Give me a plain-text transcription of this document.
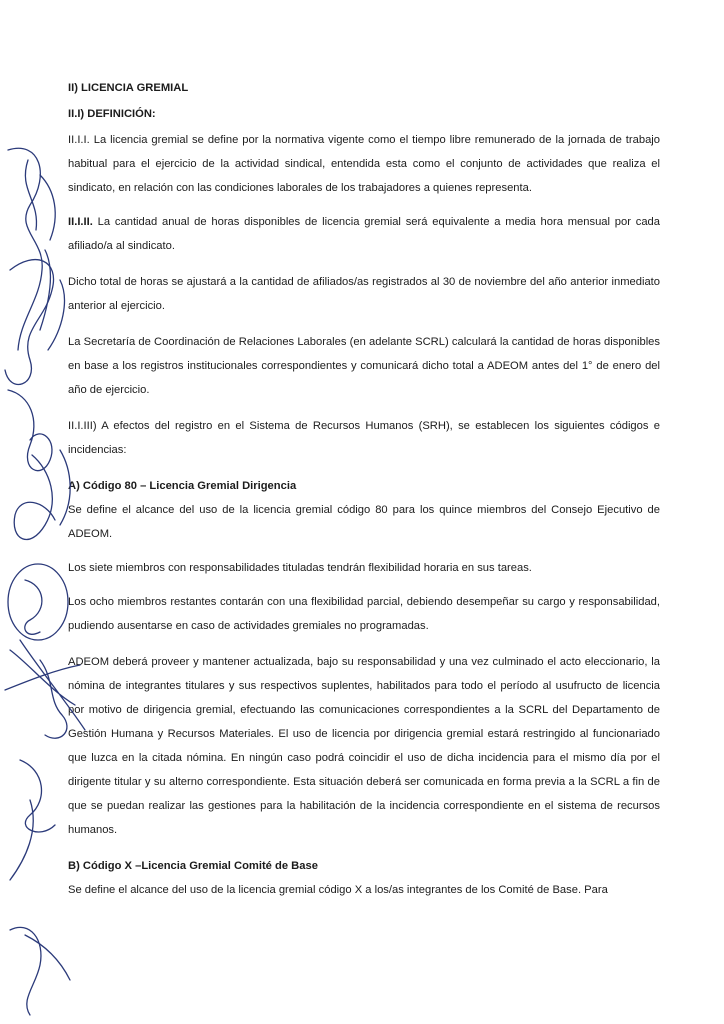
II) LICENCIA GREMIAL

II.I) DEFINICIÓN:

II.I.I. La licencia gremial se define por la normativa vigente como el tiempo libre remunerado de la jornada de trabajo habitual para el ejercicio de la actividad sindical, entendida esta como el conjunto de actividades que realiza el sindicato, en relación con las condiciones laborales de los trabajadores a quienes representa.

II.I.II. La cantidad anual de horas disponibles de licencia gremial será equivalente a media hora mensual por cada afiliado/a al sindicato.

Dicho total de horas se ajustará a la cantidad de afiliados/as registrados al 30 de noviembre del año anterior inmediato anterior al ejercicio.

La Secretaría de Coordinación de Relaciones Laborales (en adelante SCRL) calculará la cantidad de horas disponibles en base a los registros institucionales correspondientes y comunicará dicho total a ADEOM antes del 1° de enero del año de ejercicio.

II.I.III) A efectos del registro en el Sistema de Recursos Humanos (SRH), se establecen los siguientes códigos e incidencias:

A) Código 80 – Licencia Gremial Dirigencia

Se define el alcance del uso de la licencia gremial código 80 para los quince miembros del Consejo Ejecutivo de ADEOM.

Los siete miembros con responsabilidades tituladas tendrán flexibilidad horaria en sus tareas.

Los ocho miembros restantes contarán con una flexibilidad parcial, debiendo desempeñar su cargo y responsabilidad, pudiendo ausentarse en caso de actividades gremiales no programadas.

ADEOM deberá proveer y mantener actualizada, bajo su responsabilidad y una vez culminado el acto eleccionario, la nómina de integrantes titulares y sus respectivos suplentes, habilitados para todo el período al usufructo de licencia por motivo de dirigencia gremial, efectuando las comunicaciones correspondientes a la SCRL del Departamento de Gestión Humana y Recursos Materiales. El uso de licencia por dirigencia gremial estará restringido al funcionariado que luzca en la citada nómina. En ningún caso podrá coincidir el uso de dicha incidencia para el mismo día por el dirigente titular y su alterno correspondiente. Esta situación deberá ser comunicada en forma previa a la SCRL a fin de que se puedan realizar las gestiones para la habilitación de la incidencia correspondiente en el sistema de recursos humanos.

B) Código X –Licencia Gremial Comité de Base

Se define el alcance del uso de la licencia gremial código X a los/as integrantes de los Comité de Base. Para
